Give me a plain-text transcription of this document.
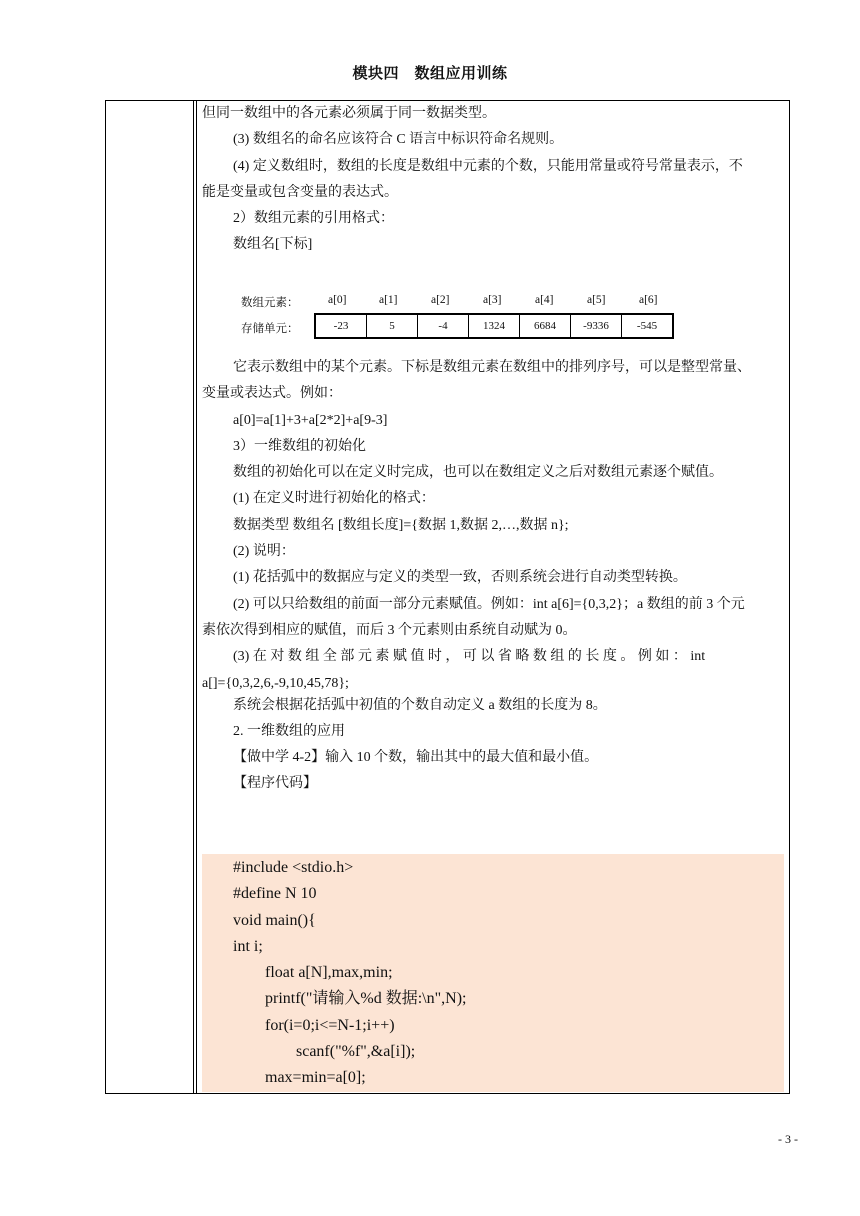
模块四　数组应用训练
但同一数组中的各元素必须属于同一数据类型。
(3) 数组名的命名应该符合 C 语言中标识符命名规则。
(4) 定义数组时，数组的长度是数组中元素的个数，只能用常量或符号常量表示，不
能是变量或包含变量的表达式。
2）数组元素的引用格式：
数组名[下标]
数组元素：	a[0]	a[1]	a[2]	a[3]	a[4]	a[5]	a[6]
存储单元：	-23	5	-4	1324	6684	-9336	-545
它表示数组中的某个元素。下标是数组元素在数组中的排列序号，可以是整型常量、
变量或表达式。例如：
a[0]=a[1]+3+a[2*2]+a[9-3]
3）一维数组的初始化
数组的初始化可以在定义时完成，也可以在数组定义之后对数组元素逐个赋值。
(1) 在定义时进行初始化的格式：
数据类型 数组名 [数组长度]={数据 1,数据 2,…,数据 n};
(2) 说明：
(1) 花括弧中的数据应与定义的类型一致，否则系统会进行自动类型转换。
(2) 可以只给数组的前面一部分元素赋值。例如：int a[6]={0,3,2}；a 数组的前 3 个元
素依次得到相应的赋值，而后 3 个元素则由系统自动赋为 0。
(3) 在 对 数 组 全 部 元 素 赋 值 时 ， 可 以 省 略 数 组 的 长 度 。 例 如 ： int
a[]={0,3,2,6,-9,10,45,78};
系统会根据花括弧中初值的个数自动定义 a 数组的长度为 8。
2. 一维数组的应用
【做中学 4-2】输入 10 个数，输出其中的最大值和最小值。
【程序代码】
#include <stdio.h>
#define N 10
void main(){
int i;
float a[N],max,min;
printf("请输入%d 数据:\n",N);
for(i=0;i<=N-1;i++)
scanf("%f",&a[i]);
max=min=a[0];
- 3 -
